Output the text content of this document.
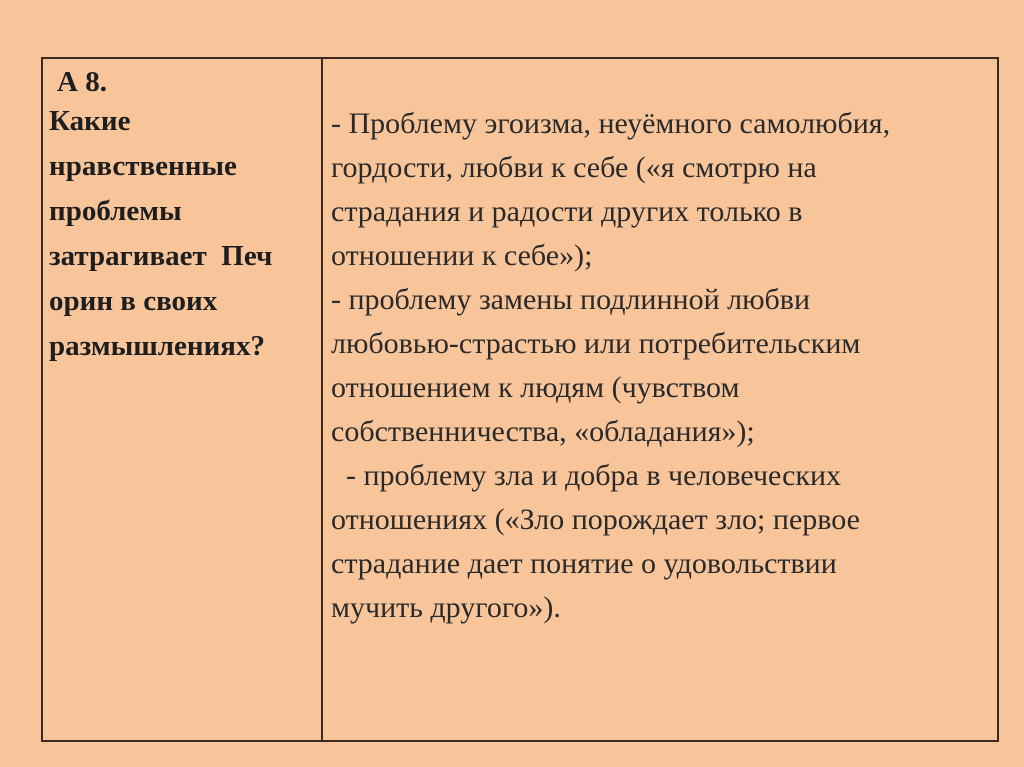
А 8.
Какие
нравственные
проблемы
затрагивает  Печ
орин в своих
размышлениях?
- Проблему эгоизма, неуёмного самолюбия,
гордости, любви к себе («я смотрю на
страдания и радости других только в
отношении к себе»);
- проблему замены подлинной любви
любовью-страстью или потребительским
отношением к людям (чувством
собственничества, «обладания»);
- проблему зла и добра в человеческих
отношениях («Зло порождает зло; первое
страдание дает понятие о удовольствии
мучить другого»).
